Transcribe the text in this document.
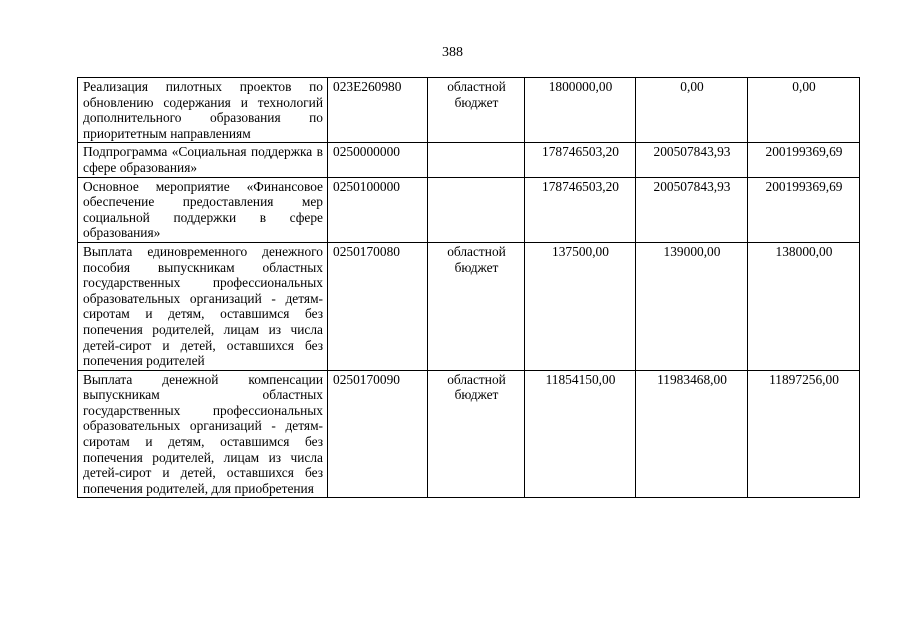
388
Реализация пилотных проектов по обновлению содержания и технологий дополнительного образования по приоритетным направлениям	023E260980	областной бюджет	1800000,00	0,00	0,00
Подпрограмма «Социальная поддержка в сфере образования»	0250000000		178746503,20	200507843,93	200199369,69
Основное мероприятие «Финансовое обеспечение предоставления мер социальной поддержки в сфере образования»	0250100000		178746503,20	200507843,93	200199369,69
Выплата единовременного денежного пособия выпускникам областных государственных профессиональных образовательных организаций - детям-сиротам и детям, оставшимся без попечения родителей, лицам из числа детей-сирот и детей, оставшихся без попечения родителей	0250170080	областной бюджет	137500,00	139000,00	138000,00
Выплата денежной компенсации выпускникам областных государственных профессиональных образовательных организаций - детям-сиротам и детям, оставшимся без попечения родителей, лицам из числа детей-сирот и детей, оставшихся без попечения родителей, для приобретения	0250170090	областной бюджет	11854150,00	11983468,00	11897256,00
